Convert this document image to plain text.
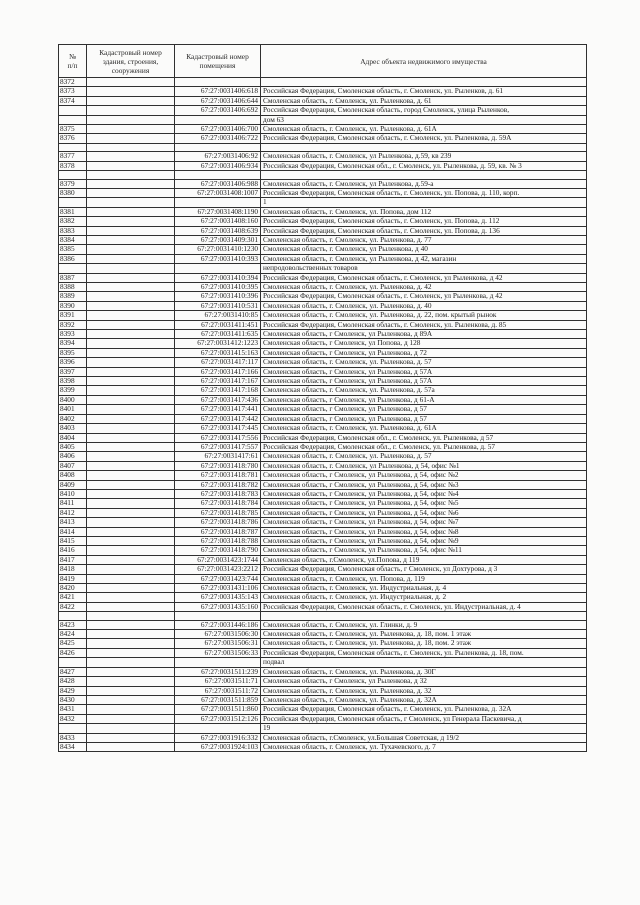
№
п/п	Кадастровый номер здания, строения, сооружения	Кадастровый номер помещения	Адрес объекта недвижимого имущества
8372			
8373		67:27:0031406:618	Российская Федерация, Смоленская область, г. Смоленск, ул. Рыленков, д. 61
8374		67:27:0031406:644	Смоленская область, г. Смоленск, ул. Рыленкова, д. 61
		67:27:0031406:692	Российская Федерация, Смоленская область, город Смоленск, улица Рыленков,
			дом 63
8375		67:27:0031406:700	Смоленская область, г. Смоленск, ул. Рыленкова, д. 61А
8376		67:27:0031406:722	Российская Федерация, Смоленская область, г. Смоленск, ул. Рыленкова, д. 59А

8377		67:27:0031406:92	Смоленская область, г. Смоленск, ул Рыленкова, д.59, кв 239
8378		67:27:0031406:934	Российская Федерация, Смоленская обл., г. Смоленск, ул. Рыленкова, д. 59, кв. № 3

8379		67:27:0031406:988	Смоленская область, г. Смоленск, ул Рыленкова, д.59-а
8380		67:27:0031408:1007	Российская Федерация, Смоленская область, г. Смоленск, ул. Попова, д. 110, корп.
			1
8381		67:27:0031408:1190	Смоленская область, г. Смоленск, ул. Попова, дом 112
8382		67:27:0031408:160	Российская Федерация, Смоленская область, г. Смоленск, ул. Попова, д. 112
8383		67:27:0031408:639	Российская Федерация, Смоленская область, г. Смоленск, ул. Попова, д. 136
8384		67:27:0031409:301	Смоленская область, г. Смоленск, ул. Рыленкова, д. 77
8385		67:27:0031410:1230	Смоленская область, г. Смоленск, ул Рыленкова, д 40
8386		67:27:0031410:393	Смоленская область, г. Смоленск, ул Рыленкова, д 42, магазин
			непродовольственных товаров
8387		67:27:0031410:394	Российская Федерация, Смоленская область, г. Смоленск, ул Рыленкова, д 42
8388		67:27:0031410:395	Смоленская область, г. Смоленск, ул. Рыленкова, д. 42
8389		67:27:0031410:396	Российская Федерация, Смоленская область, г. Смоленск, ул Рыленкова, д 42
8390		67:27:0031410:531	Смоленская область, г. Смоленск, ул. Рыленкова, д. 40
8391		67:27:0031410:85	Смоленская область, г. Смоленск, ул. Рыленкова, д. 22, пом. крытый рынок
8392		67:27:0031411:451	Российская Федерация, Смоленская область, г. Смоленск, ул. Рыленкова, д. 85
8393		67:27:0031411:635	Смоленская область, г Смоленск, ул Рыленкова, д 89А
8394		67:27:0031412:1223	Смоленская область, г Смоленск, ул Попова, д 128
8395		67:27:0031415:163	Смоленская область, г Смоленск, ул Рыленкова, д 72
8396		67:27:0031417:117	Смоленская область, г. Смоленск, ул. Рыленкова, д. 57
8397		67:27:0031417:166	Смоленская область, г Смоленск, ул Рыленкова, д 57А
8398		67:27:0031417:167	Смоленская область, г Смоленск, ул Рыленкова, д 57А
8399		67:27:0031417:168	Смоленская область, г. Смоленск, ул. Рыленкова, д. 57а
8400		67:27:0031417:436	Смоленская область, г Смоленск, ул Рыленкова, д 61-А
8401		67:27:0031417:441	Смоленская область, г Смоленск, ул Рыленкова, д 57
8402		67:27:0031417:442	Смоленская область, г Смоленск, ул Рыленкова, д 57
8403		67:27:0031417:445	Смоленская область, г. Смоленск, ул. Рыленкова, д. 61А
8404		67:27:0031417:556	Российская Федерация, Смоленская обл., г. Смоленск, ул. Рыленкова, д 57
8405		67:27:0031417:557	Российская Федерация, Смоленская обл., г. Смоленск, ул. Рыленкова, д. 57
8406		67:27:0031417:61	Смоленская область, г. Смоленск, ул. Рыленкова, д. 57
8407		67:27:0031418:780	Смоленская область, г. Смоленск, ул Рыленкова, д 54, офис №1
8408		67:27:0031418:781	Смоленская область, г Смоленск, ул Рыленкова, д 54, офис №2
8409		67:27:0031418:782	Смоленская область, г Смоленск, ул Рыленкова, д 54, офис №3
8410		67:27:0031418:783	Смоленская область, г Смоленск, ул Рыленкова, д 54, офис №4
8411		67:27:0031418:784	Смоленская область, г Смоленск, ул Рыленкова, д 54, офис №5
8412		67:27:0031418:785	Смоленская область, г Смоленск, ул Рыленкова, д 54, офис №6
8413		67:27:0031418:786	Смоленская область, г Смоленск, ул Рыленкова, д 54, офис №7
8414		67:27:0031418:787	Смоленская область, г Смоленск, ул Рыленкова, д 54, офис №8
8415		67:27:0031418:788	Смоленская область, г Смоленск, ул Рыленкова, д 54, офис №9
8416		67:27:0031418:790	Смоленская область, г Смоленск, ул Рыленкова, д 54, офис №11
8417		67:27:0031423:1744	Смоленская область, г.Смоленск, ул.Попова, д 119
8418		67:27:0031423:2212	Российская Федерация, Смоленская область, г Смоленск, ул Дохтурова, д 3
8419		67:27:0031423:744	Смоленская область, г. Смоленск, ул. Попова, д. 119
8420		67:27:0031431:106	Смоленская область, г. Смоленск, ул. Индустриальная, д. 4
8421		67:27:0031435:143	Смоленская область, г. Смоленск, ул. Индустриальная, д. 2
8422		67:27:0031435:160	Российская Федерация, Смоленская область, г. Смоленск, ул. Индустриальная, д. 4

8423		67:27:0031446:186	Смоленская область, г. Смоленск, ул. Глинки, д. 9
8424		67:27:0031506:30	Смоленская область, г. Смоленск, ул. Рыленкова, д. 18, пом. 1 этаж
8425		67:27:0031506:31	Смоленская область, г. Смоленск, ул. Рыленкова, д. 18, пом. 2 этаж
8426		67:27:0031506:33	Российская Федерация, Смоленская область, г. Смоленск, ул. Рыленкова, д. 18, пом.
			подвал
8427		67:27:0031511:239	Смоленская область, г. Смоленск, ул. Рыленкова, д. 30Г
8428		67:27:0031511:71	Смоленская область, г Смоленск, ул Рыленкова, д 32
8429		67:27:0031511:72	Смоленская область, г. Смоленск, ул. Рыленкова, д. 32
8430		67:27:0031511:859	Смоленская область, г. Смоленск, ул. Рыленкова, д. 32А
8431		67:27:0031511:860	Российская Федерация, Смоленская область, г. Смоленск, ул. Рыленкова, д. 32А
8432		67:27:0031512:126	Российская Федерация, Смоленская область, г Смоленск, ул Генерала Паскевича, д
			19
8433		67:27:0031916:332	Смоленская область, г.Смоленск, ул.Большая Советская, д 19/2
8434		67:27:0031924:103	Смоленская область, г. Смоленск, ул. Тухачевского, д. 7
